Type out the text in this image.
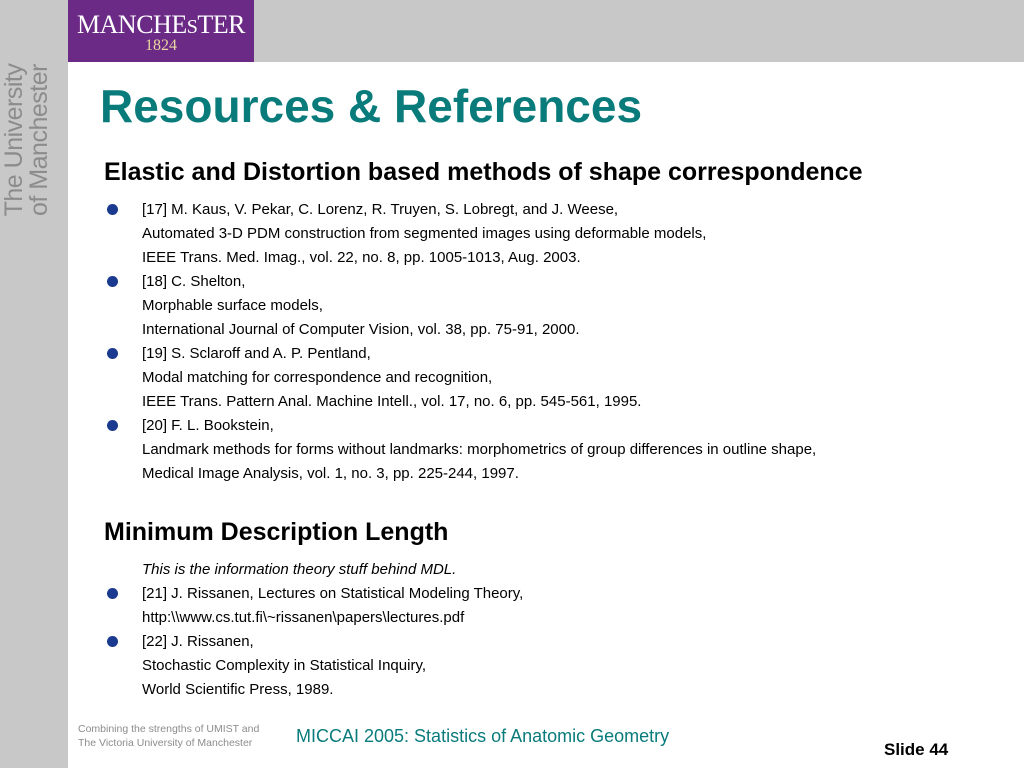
MANCHESTER
1824
The University
of Manchester Resources & References
Elastic and Distortion based methods of shape correspondence
[17] M. Kaus, V. Pekar, C. Lorenz, R. Truyen, S. Lobregt, and J. Weese,
Automated 3-D PDM construction from segmented images using deformable models,
IEEE Trans. Med. Imag., vol. 22, no. 8, pp. 1005-1013, Aug. 2003.
[18] C. Shelton,
Morphable surface models,
International Journal of Computer Vision, vol. 38, pp. 75-91, 2000.
[19] S. Sclaroff and A. P. Pentland,
Modal matching for correspondence and recognition,
IEEE Trans. Pattern Anal. Machine Intell., vol. 17, no. 6, pp. 545-561, 1995.
[20] F. L. Bookstein,
Landmark methods for forms without landmarks: morphometrics of group differences in outline shape,
Medical Image Analysis, vol. 1, no. 3, pp. 225-244, 1997.
Minimum Description Length

This is the information theory stuff behind MDL.

[21] J. Rissanen, Lectures on Statistical Modeling Theory,
http:\\www.cs.tut.fi\~rissanen\papers\lectures.pdf
[22] J. Rissanen,
Stochastic Complexity in Statistical Inquiry,
World Scientific Press, 1989.
Combining the strengths of UMIST and
The Victoria University of Manchester	MICCAI 2005: Statistics of Anatomic Geometry
Slide 44
